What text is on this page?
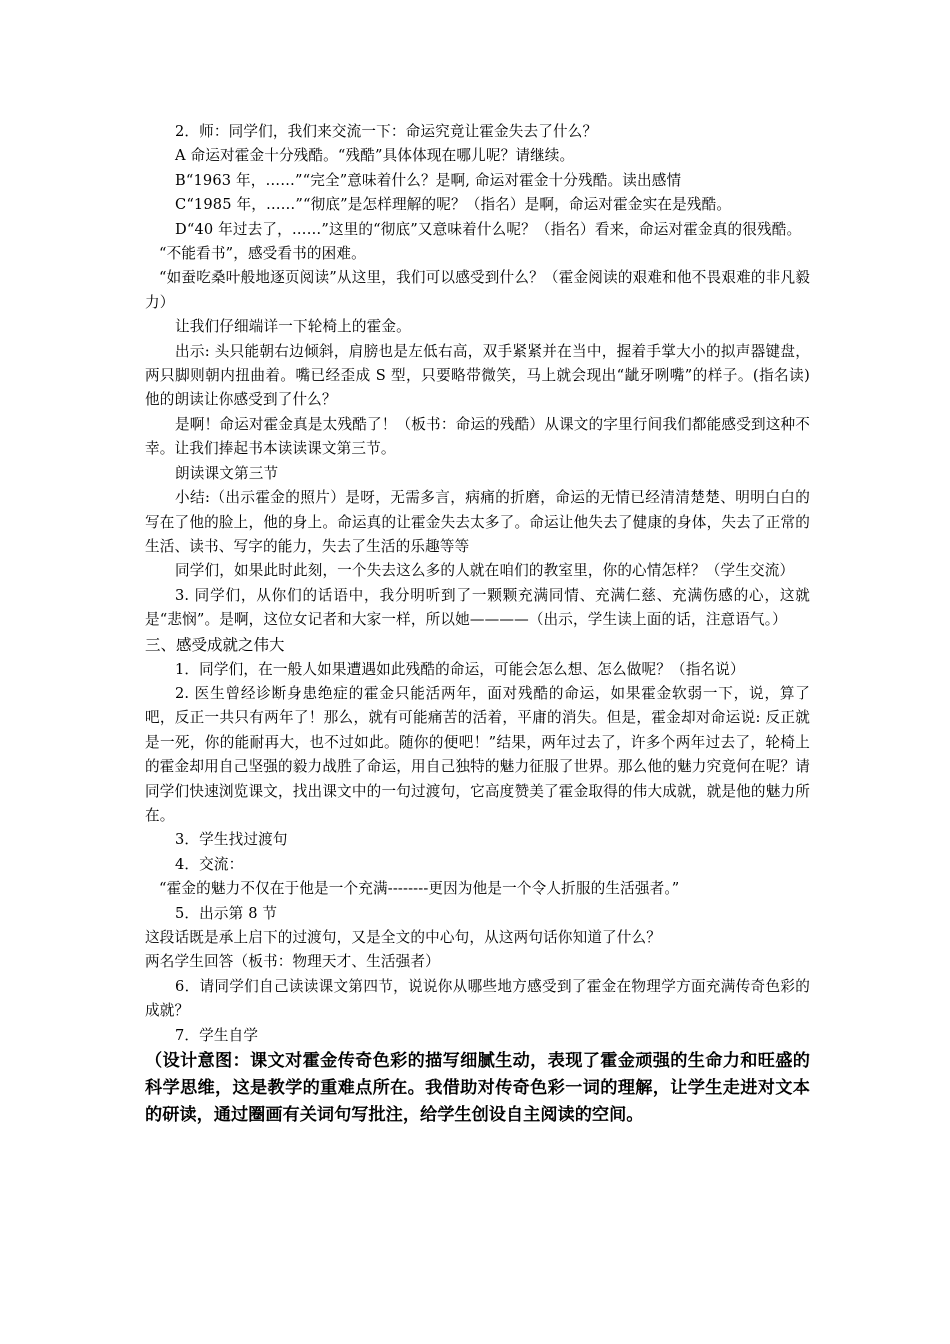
2．师：同学们，我们来交流一下：命运究竟让霍金失去了什么？

A 命运对霍金十分残酷。“残酷”具体体现在哪儿呢？请继续。

B“1963 年，……”“完全”意味着什么？是啊, 命运对霍金十分残酷。读出感情

C“1985 年，……”“彻底”是怎样理解的呢？（指名）是啊，命运对霍金实在是残酷。

D“40 年过去了，……”这里的“彻底”又意味着什么呢？（指名）看来，命运对霍金真的很残酷。

“不能看书”，感受看书的困难。

“如蚕吃桑叶般地逐页阅读”从这里，我们可以感受到什么？（霍金阅读的艰难和他不畏艰难的非凡毅力）

让我们仔细端详一下轮椅上的霍金。

出示: 头只能朝右边倾斜，肩膀也是左低右高，双手紧紧并在当中，握着手掌大小的拟声器键盘，两只脚则朝内扭曲着。嘴已经歪成 S 型，只要略带微笑，马上就会现出“龇牙咧嘴”的样子。(指名读) 他的朗读让你感受到了什么？

是啊！命运对霍金真是太残酷了！（板书：命运的残酷）从课文的字里行间我们都能感受到这种不幸。让我们捧起书本读读课文第三节。

朗读课文第三节

小结:（出示霍金的照片）是呀，无需多言，病痛的折磨，命运的无情已经清清楚楚、明明白白的写在了他的脸上，他的身上。命运真的让霍金失去太多了。命运让他失去了健康的身体，失去了正常的生活、读书、写字的能力，失去了生活的乐趣等等

同学们，如果此时此刻，一个失去这么多的人就在咱们的教室里，你的心情怎样？（学生交流）

3. 同学们，从你们的话语中，我分明听到了一颗颗充满同情、充满仁慈、充满伤感的心，这就是“悲悯”。是啊，这位女记者和大家一样，所以她————（出示，学生读上面的话，注意语气。）

三、感受成就之伟大

1．同学们，在一般人如果遭遇如此残酷的命运，可能会怎么想、怎么做呢？（指名说）

2. 医生曾经诊断身患绝症的霍金只能活两年，面对残酷的命运，如果霍金软弱一下，说，算了吧，反正一共只有两年了！那么，就有可能痛苦的活着，平庸的消失。但是，霍金却对命运说: 反正就是一死，你的能耐再大，也不过如此。随你的便吧！”结果，两年过去了，许多个两年过去了，轮椅上的霍金却用自己坚强的毅力战胜了命运，用自己独特的魅力征服了世界。那么他的魅力究竟何在呢？请同学们快速浏览课文，找出课文中的一句过渡句，它高度赞美了霍金取得的伟大成就，就是他的魅力所在。

3．学生找过渡句

4．交流：

“霍金的魅力不仅在于他是一个充满--------更因为他是一个令人折服的生活强者。”

5．出示第 8 节

这段话既是承上启下的过渡句，又是全文的中心句，从这两句话你知道了什么？

两名学生回答（板书：物理天才、生活强者）

6．请同学们自己读读课文第四节，说说你从哪些地方感受到了霍金在物理学方面充满传奇色彩的成就？

7．学生自学

（设计意图：课文对霍金传奇色彩的描写细腻生动，表现了霍金顽强的生命力和旺盛的科学思维，这是教学的重难点所在。我借助对传奇色彩一词的理解，让学生走进对文本的研读，通过圈画有关词句写批注，给学生创设自主阅读的空间。
